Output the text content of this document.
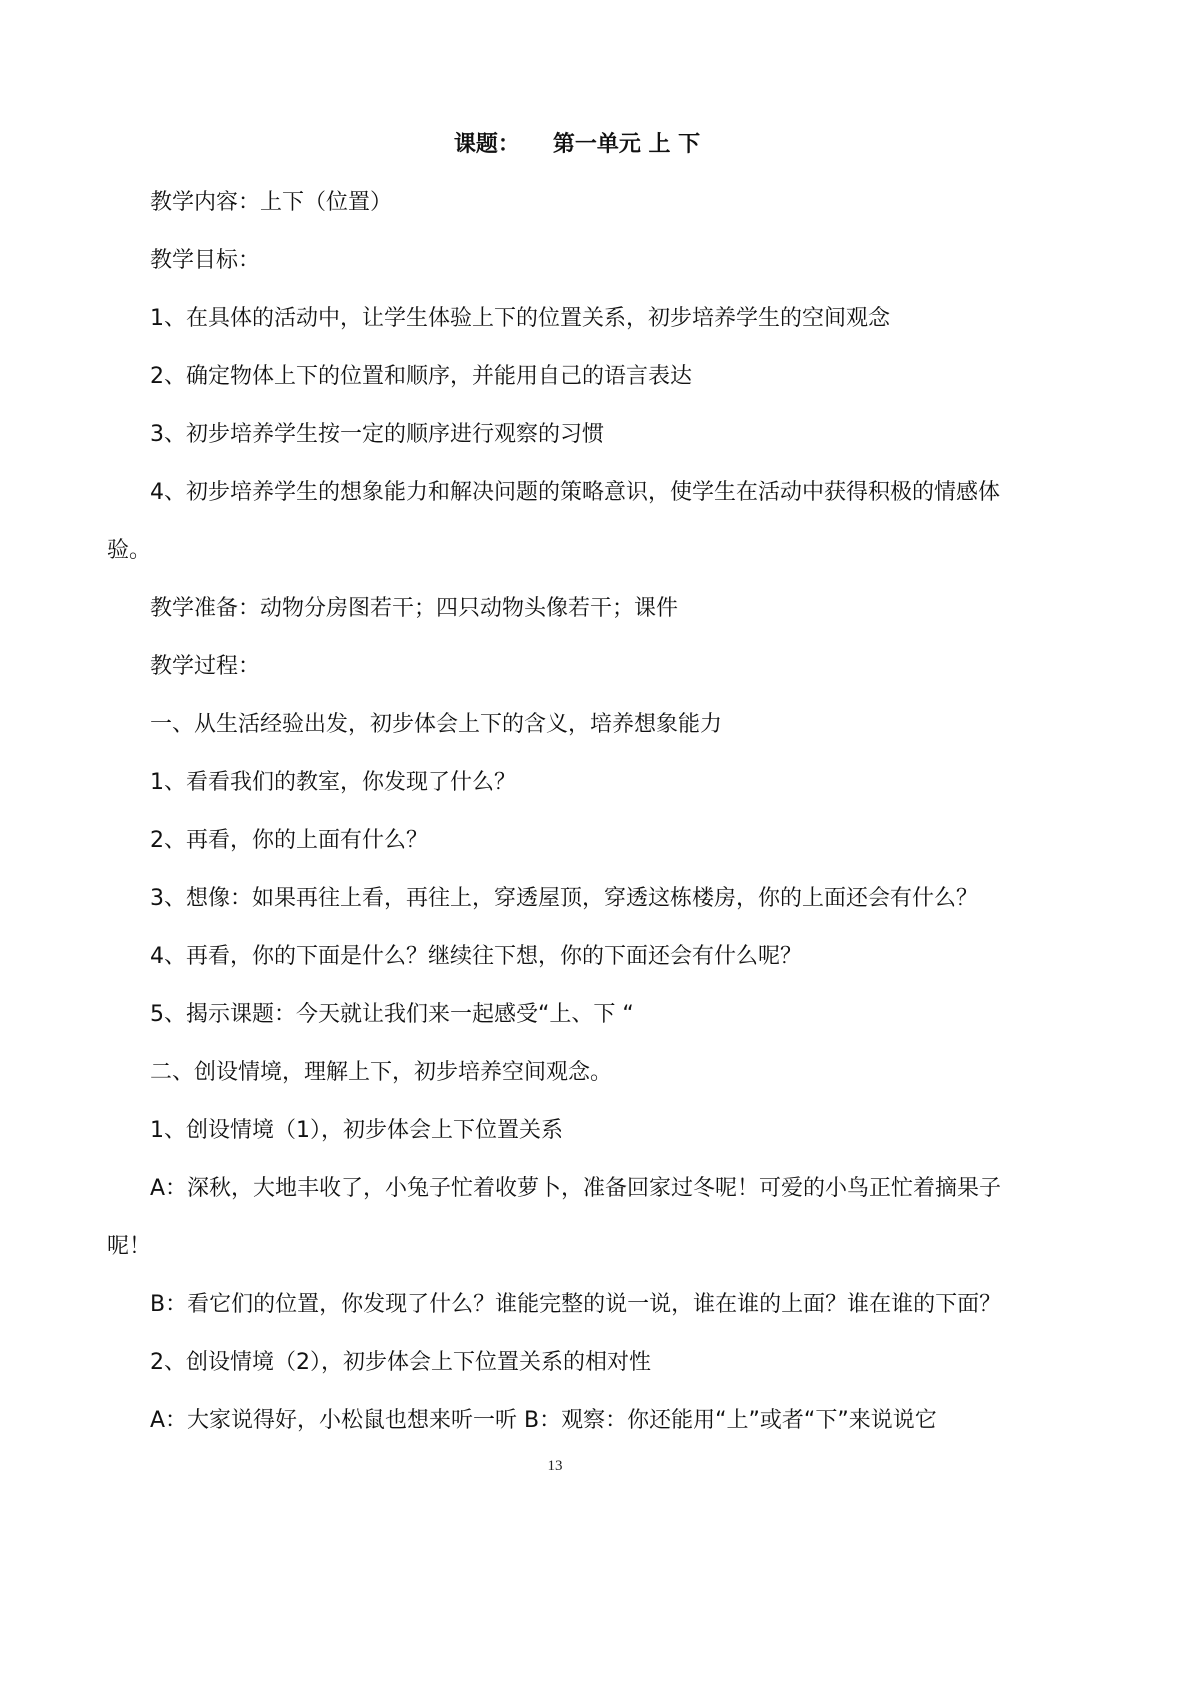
课题： 第一单元 上 下
教学内容：上下（位置）
教学目标：
1、在具体的活动中，让学生体验上下的位置关系，初步培养学生的空间观念
2、确定物体上下的位置和顺序，并能用自己的语言表达
3、初步培养学生按一定的顺序进行观察的习惯
4、初步培养学生的想象能力和解决问题的策略意识，使学生在活动中获得积极的情感体
验。
教学准备：动物分房图若干；四只动物头像若干；课件
教学过程：
一、从生活经验出发，初步体会上下的含义，培养想象能力
1、看看我们的教室，你发现了什么？
2、再看，你的上面有什么？
3、想像：如果再往上看，再往上，穿透屋顶，穿透这栋楼房，你的上面还会有什么？
4、再看，你的下面是什么？继续往下想，你的下面还会有什么呢？
5、揭示课题：今天就让我们来一起感受“上、下 “
二、创设情境，理解上下，初步培养空间观念。
1、创设情境（1），初步体会上下位置关系
A：深秋，大地丰收了，小兔子忙着收萝卜，准备回家过冬呢！可爱的小鸟正忙着摘果子
呢！
B：看它们的位置，你发现了什么？谁能完整的说一说，谁在谁的上面？谁在谁的下面？
2、创设情境（2），初步体会上下位置关系的相对性
A：大家说得好，小松鼠也想来听一听 B：观察：你还能用“上”或者“下”来说说它
13
